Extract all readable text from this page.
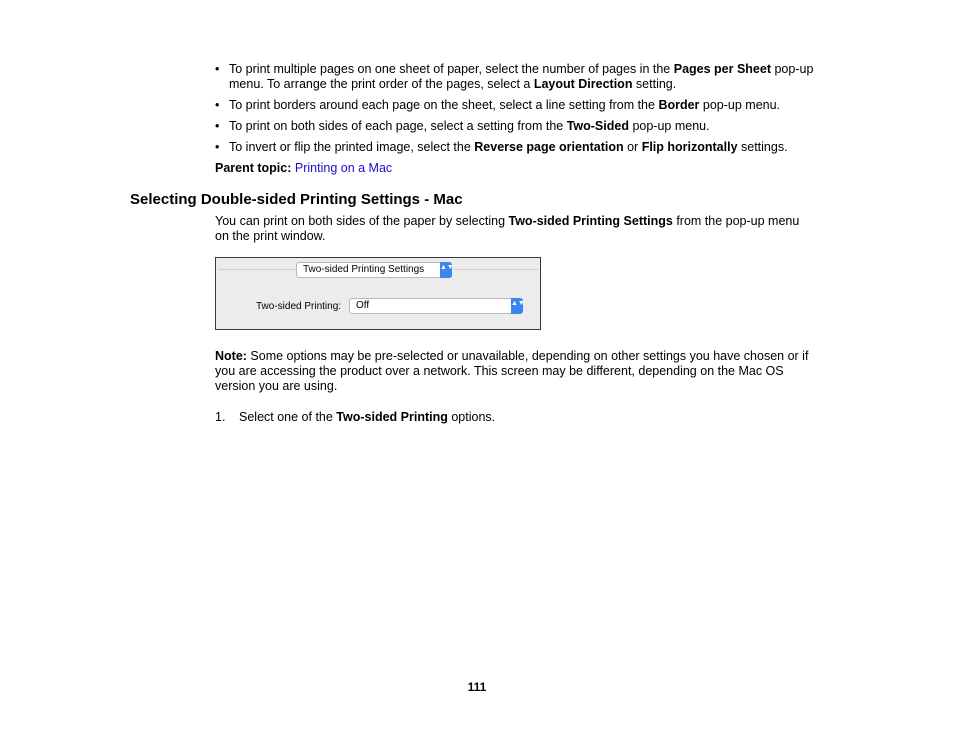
• To print multiple pages on one sheet of paper, select the number of pages in the Pages per Sheet pop-up menu. To arrange the print order of the pages, select a Layout Direction setting.
• To print borders around each page on the sheet, select a line setting from the Border pop-up menu.
• To print on both sides of each page, select a setting from the Two-Sided pop-up menu.
• To invert or flip the printed image, select the Reverse page orientation or Flip horizontally settings.
Parent topic: Printing on a Mac
Selecting Double-sided Printing Settings - Mac
You can print on both sides of the paper by selecting Two-sided Printing Settings from the pop-up menu on the print window.
Two-sided Printing Settings ▲▼
Two-sided Printing:	Off	▲▼
Note: Some options may be pre-selected or unavailable, depending on other settings you have chosen or if you are accessing the product over a network. This screen may be different, depending on the Mac OS version you are using.
1. Select one of the Two-sided Printing options.
111
